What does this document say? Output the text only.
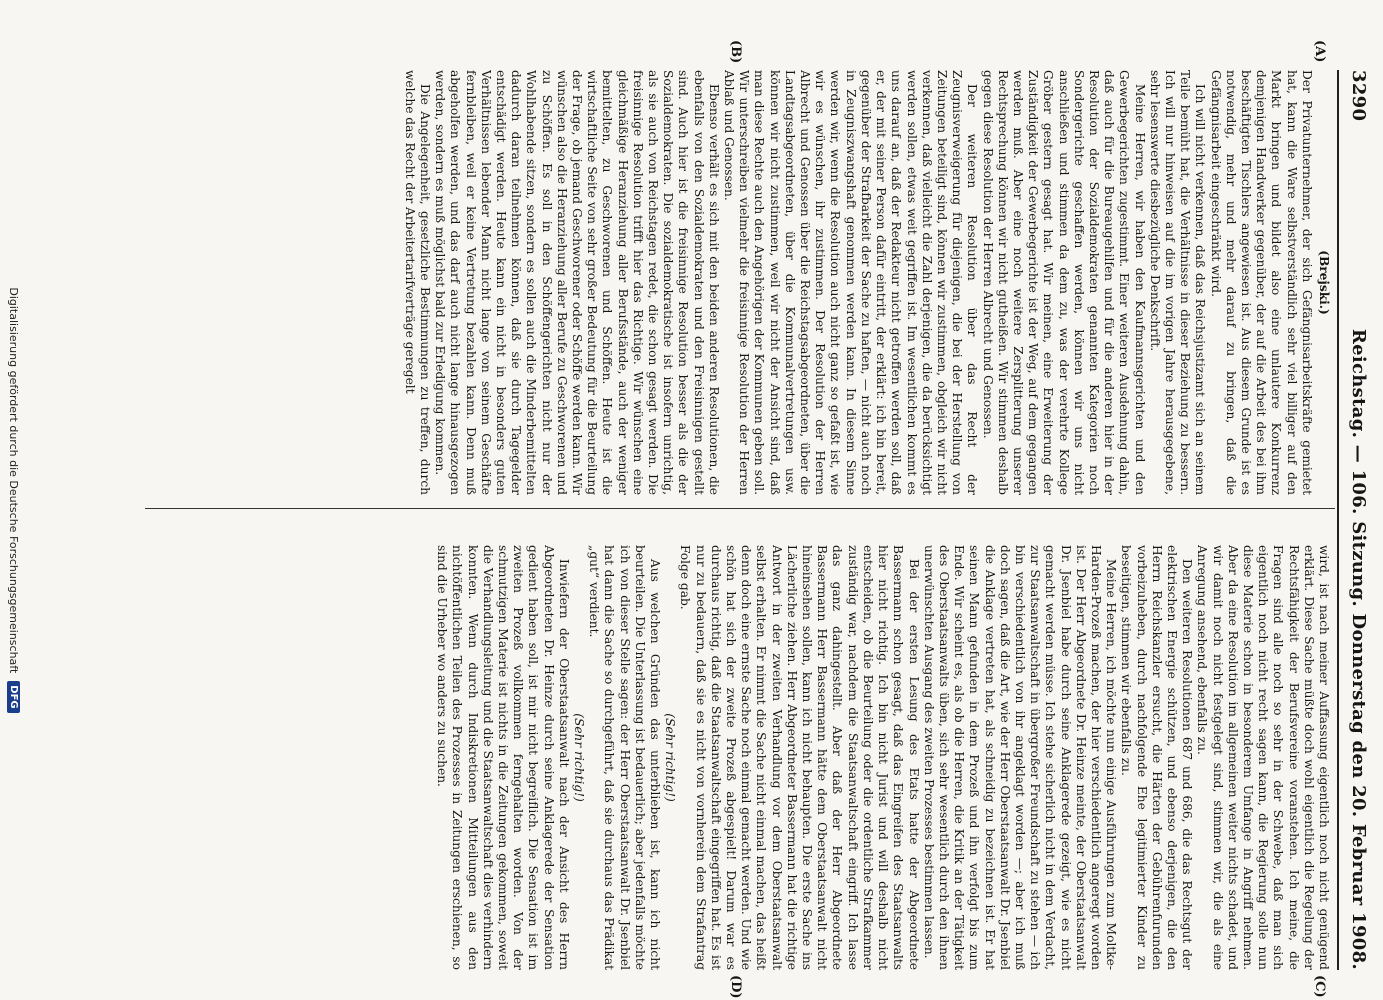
3290
Reichstag. — 106. Sitzung. Donnerstag den 20. Februar 1908.
(A)
(B)
(C)
(D)

(Brejski.)

Der Privatunternehmer, der sich Gefängnisarbeitskräfte gemietet hat, kann die Ware selbstverständlich sehr viel billiger auf den Markt bringen und bildet also eine unlautere Konkurrenz demjenigen Handwerker gegenüber, der auf die Arbeit des bei ihm beschäftigten Tischlers angewiesen ist. Aus diesem Grunde ist es notwendig, mehr und mehr darauf zu bringen, daß die Gefängnisarbeit eingeschränkt wird.

Ich will nicht verkennen, daß das Reichsjustizamt sich an seinem Teile bemüht hat, die Verhältnisse in dieser Beziehung zu bessern. Ich will nur hinweisen auf die im vorigen Jahre herausgegebene, sehr lesenswerte diesbezügliche Denkschrift.

Meine Herren, wir haben den Kaufmannsgerichten und den Gewerbegerichten zugestimmt. Einer weiteren Ausdehnung dahin, daß auch für die Bureaugehilfen und für die anderen hier in der Resolution der Sozialdemokraten genannten Kategorien noch Sondergerichte geschaffen werden, können wir uns nicht anschließen und stimmen da dem zu, was der verehrte Kollege Gröber gestern gesagt hat. Wir meinen, eine Erweiterung der Zuständigkeit der Gewerbegerichte ist der Weg, auf dem gegangen werden muß. Aber eine noch weitere Zersplitterung unserer Rechtsprechung können wir nicht gutheißen. Wir stimmen deshalb gegen diese Resolution der Herren Albrecht und Genossen.

Der weiteren Resolution über das Recht der Zeugnisverweigerung für diejenigen, die bei der Herstellung von Zeitungen beteiligt sind, können wir zustimmen, obgleich wir nicht verkennen, daß vielleicht die Zahl derjenigen, die da berücksichtigt werden sollen, etwas weit gegriffen ist. Im wesentlichen kommt es uns darauf an, daß der Redakteur nicht getroffen werden soll, daß er, der mit seiner Person dafür eintritt, der erklärt: ich bin bereit, gegenüber der Strafbarkeit der Sache zu haften, — nicht auch noch in Zeugniszwangshaft genommen werden kann. In diesem Sinne werden wir, wenn die Resolution auch nicht ganz so gefaßt ist, wie wir es wünschen, ihr zustimmen. Der Resolution der Herren Albrecht und Genossen über die Reichstagsabgeordneten, über die Landtagsabgeordneten, über die Kommunalvertretungen usw. können wir nicht zustimmen, weil wir nicht der Ansicht sind, daß man diese Rechte auch den Angehörigen der Kommunen geben soll. Wir unterschreiben vielmehr die freisinnige Resolution der Herren Ablaß und Genossen.

Ebenso verhält es sich mit den beiden anderen Resolutionen, die ebenfalls von den Sozialdemokraten und den Freisinnigen gestellt sind. Auch hier ist die freisinnige Resolution besser als die der Sozialdemokraten. Die sozialdemokratische ist insofern unrichtig, als sie auch von Reichstagen redet, die schon gesagt werden. Die freisinnige Resolution trifft hier das Richtige. Wir wünschen eine gleichmäßige Heranziehung aller Berufsstände, auch der weniger bemittelten, zu Geschworenen und Schöffen. Heute ist die wirtschaftliche Seite von sehr großer Bedeutung für die Beurteilung der Frage, ob jemand Geschworener oder Schöffe werden kann. Wir wünschen also die Heranziehung aller Berufe zu Geschworenen und zu Schöffen. Es soll in den Schöffengerichten nicht nur der Wohlhabende sitzen, sondern es sollen auch die Minderbemittelten dadurch daran teilnehmen können, daß sie durch Tagegelder entschädigt werden. Heute kann ein nicht in besonders guten Verhältnissen lebender Mann nicht lange von seinem Geschäfte fernbleiben, weil er keine Vertretung bezahlen kann. Denn muß abgeholfen werden, und das darf auch nicht lange hinausgezogen werden, sondern es muß möglichst bald zur Erledigung kommen.

Die Angelegenheit, gesetzliche Bestimmungen zu treffen, durch welche das Recht der Arbeitertarifverträge geregelt

wird, ist nach meiner Auffassung eigentlich noch nicht genügend erklärt. Diese Sache müßte doch wohl eigentlich die Regelung der Rechtsfähigkeit der Berufsvereine voranstehen. Ich meine, die Fragen sind alle noch so sehr in der Schwebe, daß man sich eigentlich noch nicht recht sagen kann, die Regierung solle nun diese Materie schon in besonderem Umfange in Angriff nehmen. Aber da eine Resolution im allgemeinen weiter nichts schadet, und wir damit noch nicht festgelegt sind, stimmen wir, die als eine Anregung ansehend, ebenfalls zu.

Den weiteren Resolutionen 687 und 686, die das Rechtsgut der elektrischen Energie schützen, und ebenso derjenigen, die den Herrn Reichskanzler ersucht, die Härten der Gebührenfurunden vorbeizuheben, durch nachfolgende Ehe legitimierter Kinder zu beseitigen, stimmen wir ebenfalls zu.

Meine Herren, ich möchte nun einige Ausführungen zum Moltke-Harden-Prozeß machen, der hier verschiedentlich angeregt worden ist. Der Herr Abgeordnete Dr. Heinze meinte, der Oberstaatsanwalt Dr. Jsenbiel habe durch seine Anklagerede gezeigt, wie es nicht gemacht werden müsse. Ich stehe sicherlich nicht in dem Verdacht, zur Staatsanwaltschaft in übergroßer Freundschaft zu stehen — ich bin verschiedentlich von ihr angeklagt worden —; aber ich muß doch sagen, daß die Art, wie der Herr Oberstaatsanwalt Dr. Jsenbiel die Anklage vertreten hat, als schneidig zu bezeichnen ist. Er hat seinen Mann gefunden in dem Prozeß und ihn verfolgt bis zum Ende. Wir scheint es, als ob die Herren, die Kritik an der Tätigkeit des Oberstaatsanwalts üben, sich sehr wesentlich durch den ihnen unerwünschten Ausgang des zweiten Prozesses bestimmen lassen.

Bei der ersten Lesung des Etats hatte der Abgeordnete Bassermann schon gesagt, daß das Eingreifen des Staatsanwalts hier nicht richtig. Ich bin nicht Jurist und will deshalb nicht entscheiden, ob die Beurteilung oder die ordentliche Strafkammer zuständig war, nachdem die Staatsanwaltschaft eingriff. Ich lasse das ganz dahingestellt. Aber daß der Herr Abgeordnete Bassermann Herr Bassermann hätte dem Oberstaatsanwalt nicht hineinsehen sollen, kann ich nicht behaupten. Die erste Sache ins Lächerliche ziehen. Herr Abgeordneter Bassermann hat die richtige Antwort in der zweiten Verhandlung vor dem Oberstaatsanwalt selbst erhalten. Er nimmt die Sache nicht einmal machen, das heißt denn doch eine ernste Sache noch einmal gemacht werden. Und wie schön hat sich der zweite Prozeß abgespielt! Darum war es durchaus richtig, daß die Staatsanwaltschaft eingegriffen hat. Es ist nur zu bedauern, daß sie es nicht von vornherein dem Strafantrag Folge gab.

(Sehr richtig!)

Aus welchen Gründen das unterblieben ist, kann ich nicht beurteilen. Die Unterlassung ist bedauerlich; aber jedenfalls möchte ich von dieser Stelle sagen: der Herr Oberstaatsanwalt Dr. Jsenbiel hat dann die Sache so durchgeführt, daß sie durchaus das Prädikat „gut“ verdient.

(Sehr richtig!)

Inwiefern der Oberstaatsanwalt nach der Ansicht des Herrn Abgeordneten Dr. Heinze durch seine Anklagerede der Sensation gedient haben soll, ist mir nicht begreiflich. Die Sensation ist im zweiten Prozeß vollkommen ferngehalten worden. Von der schmutzigen Materie ist nichts in die Zeitungen gekommen, soweit die Verhandlungsleitung und die Staatsanwaltschaft dies verhindern konnten. Wenn durch Indiskretionen Mitteilungen aus den nichtöffentlichen Teilen des Prozesses in Zeitungen erschienen, so sind die Urheber wo anders zu suchen.

Digitalisierung gefördert durch die Deutsche Forschungsgemeinschaft
DFG
